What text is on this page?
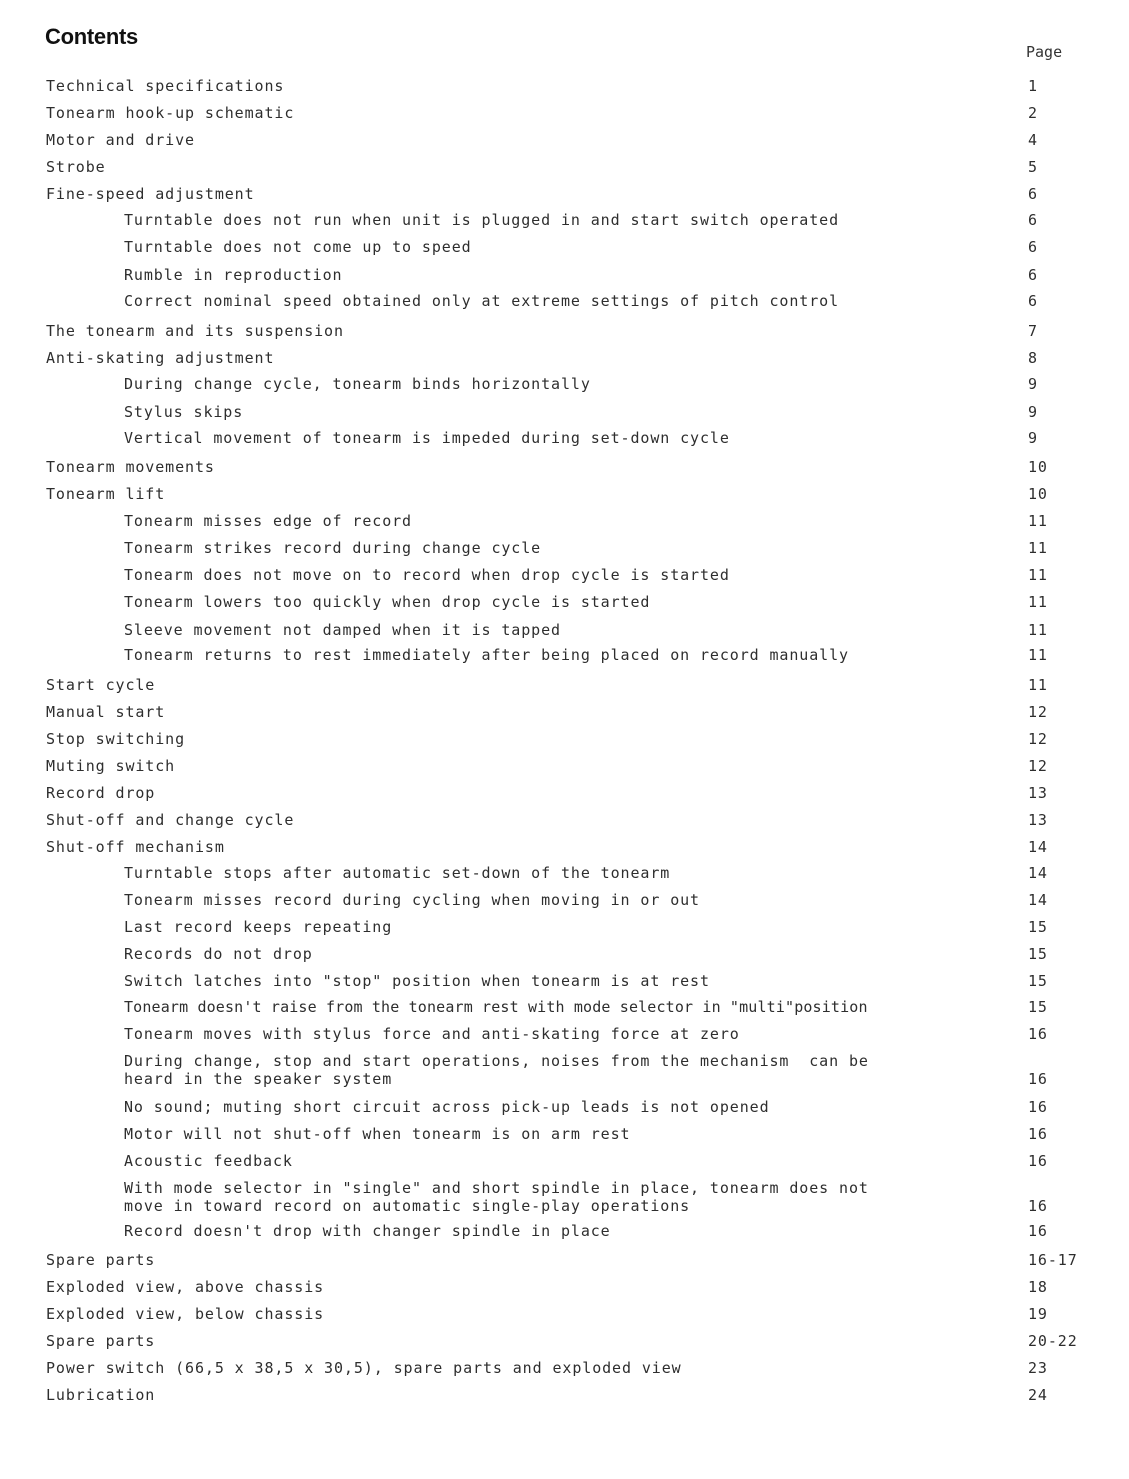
Contents
Page
Technical specifications	1
Tonearm hook-up schematic	2
Motor and drive	4
Strobe	5
Fine-speed adjustment	6
Turntable does not run when unit is plugged in and start switch operated	6
Turntable does not come up to speed	6
Rumble in reproduction	6
Correct nominal speed obtained only at extreme settings of pitch control	6
The tonearm and its suspension	7
Anti-skating adjustment	8
During change cycle, tonearm binds horizontally	9
Stylus skips	9
Vertical movement of tonearm is impeded during set-down cycle	9
Tonearm movements	10
Tonearm lift	10
Tonearm misses edge of record	11
Tonearm strikes record during change cycle	11
Tonearm does not move on to record when drop cycle is started	11
Tonearm lowers too quickly when drop cycle is started	11
Sleeve movement not damped when it is tapped	11
Tonearm returns to rest immediately after being placed on record manually	11
Start cycle	11
Manual start	12
Stop switching	12
Muting switch	12
Record drop	13
Shut-off and change cycle	13
Shut-off mechanism	14
Turntable stops after automatic set-down of the tonearm	14
Tonearm misses record during cycling when moving in or out	14
Last record keeps repeating	15
Records do not drop	15
Switch latches into "stop" position when tonearm is at rest	15
Tonearm doesn't raise from the tonearm rest with mode selector in "multi"position	15
Tonearm moves with stylus force and anti-skating force at zero	16
During change, stop and start operations, noises from the mechanism  can be
heard in the speaker system	16
No sound; muting short circuit across pick-up leads is not opened	16
Motor will not shut-off when tonearm is on arm rest	16
Acoustic feedback	16
With mode selector in "single" and short spindle in place, tonearm does not
move in toward record on automatic single-play operations	16
Record doesn't drop with changer spindle in place	16
Spare parts	16-17
Exploded view, above chassis	18
Exploded view, below chassis	19
Spare parts	20-22
Power switch (66,5 x 38,5 x 30,5), spare parts and exploded view	23
Lubrication	24
